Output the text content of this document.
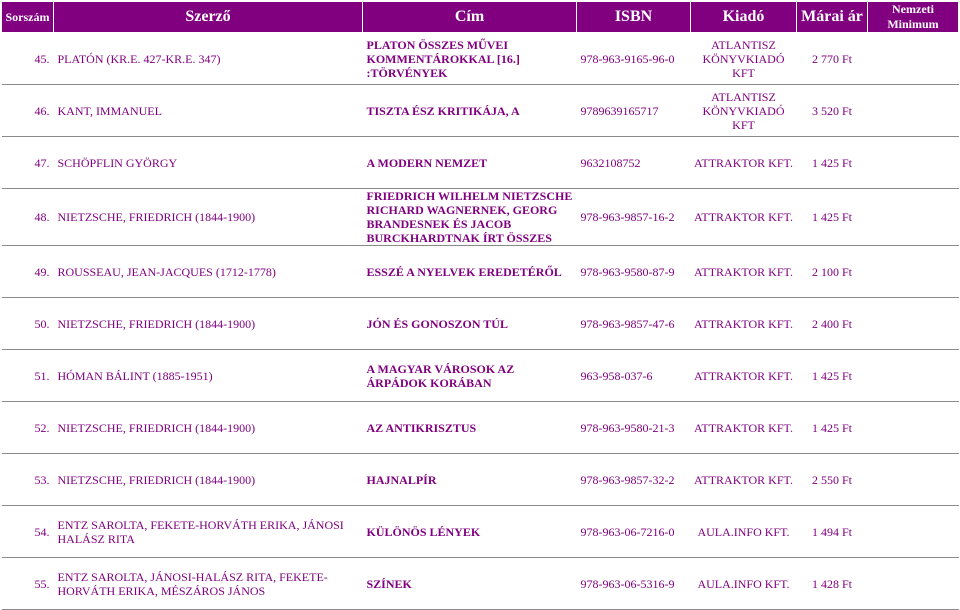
Sorszám	Szerző	Cím	ISBN	Kiadó	Márai ár	Nemzeti Minimum
45.	PLATÓN (KR.E. 427-KR.E. 347)	PLATON ÖSSZES MŰVEI KOMMENTÁROKKAL [16.] :TÖRVÉNYEK	978-963-9165-96-0	ATLANTISZ KÖNYVKIADÓ KFT	2 770 Ft	
46.	KANT, IMMANUEL	TISZTA ÉSZ KRITIKÁJA, A	9789639165717	ATLANTISZ KÖNYVKIADÓ KFT	3 520 Ft	
47.	SCHÖPFLIN GYÖRGY	A MODERN NEMZET	9632108752	ATTRAKTOR KFT.	1 425 Ft	
48.	NIETZSCHE, FRIEDRICH (1844-1900)	FRIEDRICH WILHELM NIETZSCHE RICHARD WAGNERNEK, GEORG BRANDESNEK ÉS JACOB BURCKHARDTNAK ÍRT ÖSSZES	978-963-9857-16-2	ATTRAKTOR KFT.	1 425 Ft	
49.	ROUSSEAU, JEAN-JACQUES (1712-1778)	ESSZÉ A NYELVEK EREDETÉRŐL	978-963-9580-87-9	ATTRAKTOR KFT.	2 100 Ft	
50.	NIETZSCHE, FRIEDRICH (1844-1900)	JÓN ÉS GONOSZON TÚL	978-963-9857-47-6	ATTRAKTOR KFT.	2 400 Ft	
51.	HÓMAN BÁLINT (1885-1951)	A MAGYAR VÁROSOK AZ ÁRPÁDOK KORÁBAN	963-958-037-6	ATTRAKTOR KFT.	1 425 Ft	
52.	NIETZSCHE, FRIEDRICH (1844-1900)	AZ ANTIKRISZTUS	978-963-9580-21-3	ATTRAKTOR KFT.	1 425 Ft	
53.	NIETZSCHE, FRIEDRICH (1844-1900)	HAJNALPÍR	978-963-9857-32-2	ATTRAKTOR KFT.	2 550 Ft	
54.	ENTZ SAROLTA, FEKETE-HORVÁTH ERIKA, JÁNOSI HALÁSZ RITA	KÜLÖNÖS LÉNYEK	978-963-06-7216-0	AULA.INFO KFT.	1 494 Ft	
55.	ENTZ SAROLTA, JÁNOSI-HALÁSZ RITA, FEKETE-HORVÁTH ERIKA, MÉSZÁROS JÁNOS	SZÍNEK	978-963-06-5316-9	AULA.INFO KFT.	1 428 Ft	
